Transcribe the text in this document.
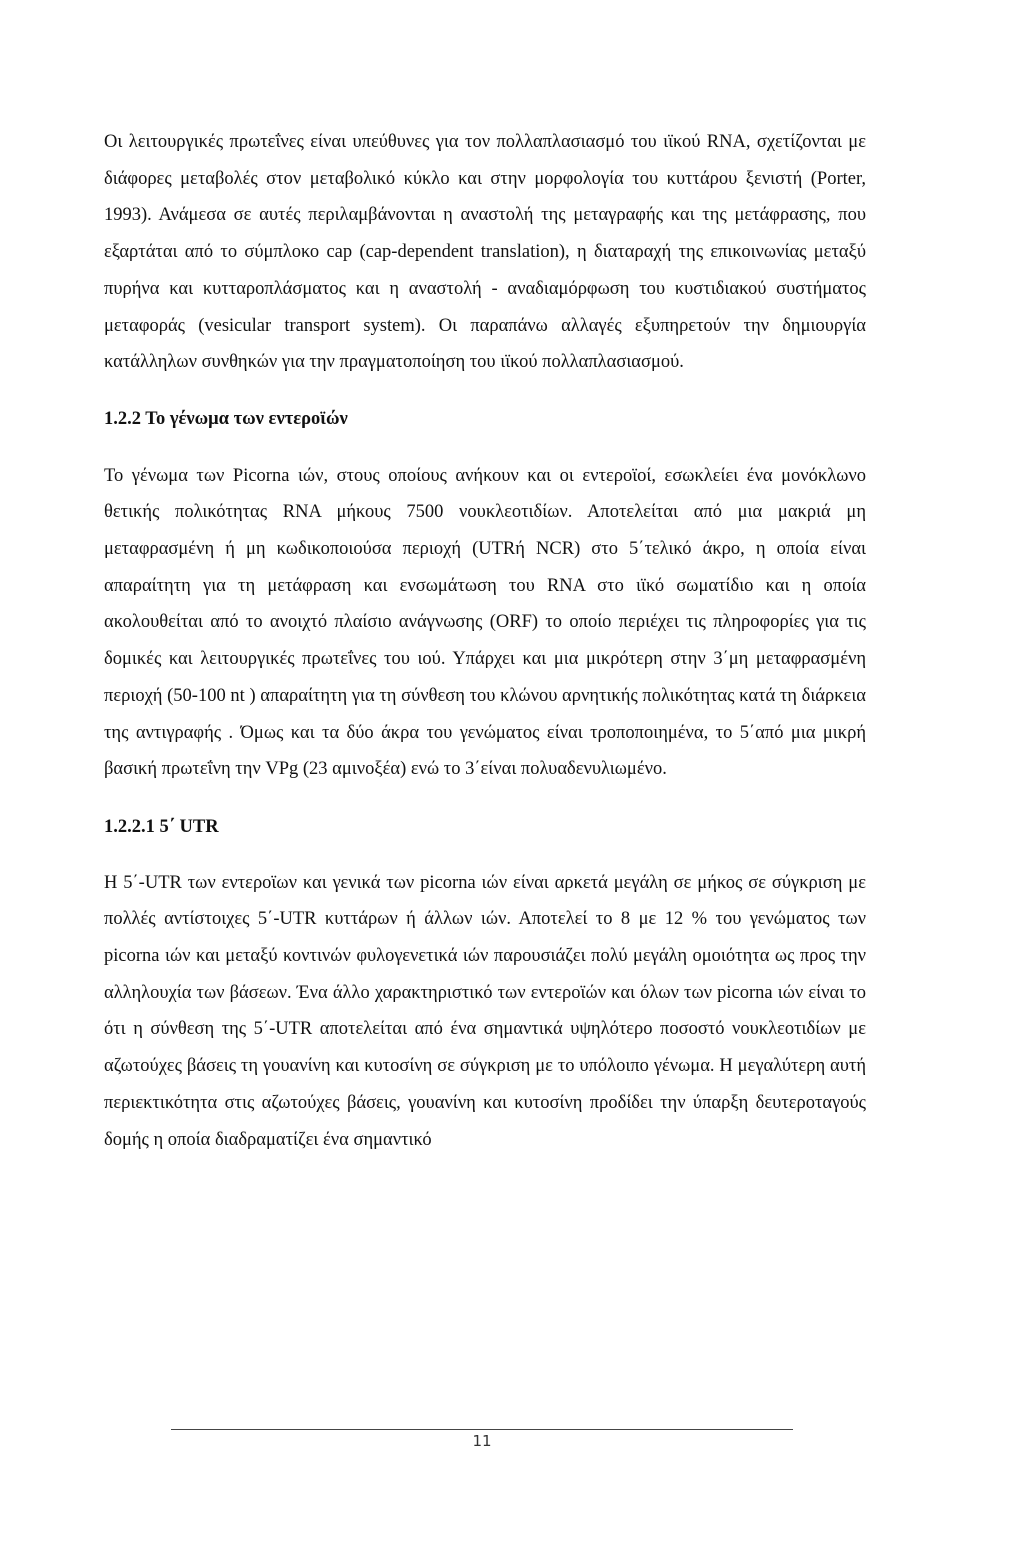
Οι λειτουργικές πρωτεΐνες είναι υπεύθυνες για τον πολλαπλασιασμό του ιϊκού RNA, σχετίζονται με διάφορες μεταβολές στον μεταβολικό κύκλο και στην μορφολογία του κυττάρου ξενιστή (Porter, 1993). Ανάμεσα σε αυτές περιλαμβάνονται η αναστολή της μεταγραφής και της μετάφρασης, που εξαρτάται από το σύμπλοκο cap (cap-dependent translation), η διαταραχή της επικοινωνίας μεταξύ πυρήνα και κυτταροπλάσματος και η αναστολή - αναδιαμόρφωση του κυστιδιακού συστήματος μεταφοράς (vesicular transport system). Οι παραπάνω αλλαγές εξυπηρετούν την δημιουργία κατάλληλων συνθηκών για την πραγματοποίηση του ιϊκού πολλαπλασιασμού.

1.2.2 Το γένωμα των εντεροϊών

Το γένωμα των Picorna ιών, στους οποίους ανήκουν και οι εντεροϊοί, εσωκλείει ένα μονόκλωνο θετικής πολικότητας RNA μήκους 7500 νουκλεοτιδίων. Αποτελείται από μια μακριά μη μεταφρασμένη ή μη κωδικοποιούσα περιοχή (UTRή NCR) στο 5΄τελικό άκρο, η οποία είναι απαραίτητη για τη μετάφραση και ενσωμάτωση του RNA στο ιϊκό σωματίδιο και η οποία ακολουθείται από το ανοιχτό πλαίσιο ανάγνωσης (ORF) το οποίο περιέχει τις πληροφορίες για τις δομικές και λειτουργικές πρωτεΐνες του ιού. Υπάρχει και μια μικρότερη στην 3΄μη μεταφρασμένη περιοχή (50-100 nt ) απαραίτητη για τη σύνθεση του κλώνου αρνητικής πολικότητας κατά τη διάρκεια της αντιγραφής . Όμως και τα δύο άκρα του γενώματος είναι τροποποιημένα, το 5΄από μια μικρή βασική πρωτεΐνη την VPg (23 αμινοξέα) ενώ το 3΄είναι πολυαδενυλιωμένο.

1.2.2.1 5΄ UTR

Η 5΄-UTR των εντεροϊων και γενικά των picorna ιών είναι αρκετά μεγάλη σε μήκος σε σύγκριση με πολλές αντίστοιχες 5΄-UTR κυττάρων ή άλλων ιών. Αποτελεί το 8 με 12 % του γενώματος των picorna ιών και μεταξύ κοντινών φυλογενετικά ιών παρουσιάζει πολύ μεγάλη ομοιότητα ως προς την αλληλουχία των βάσεων. Ένα άλλο χαρακτηριστικό των εντεροϊών και όλων των picorna ιών είναι το ότι η σύνθεση της 5΄-UTR αποτελείται από ένα σημαντικά υψηλότερο ποσοστό νουκλεοτιδίων με αζωτούχες βάσεις τη γουανίνη και κυτοσίνη σε σύγκριση με το υπόλοιπο γένωμα. Η μεγαλύτερη αυτή περιεκτικότητα στις αζωτούχες βάσεις, γουανίνη και κυτοσίνη προδίδει την ύπαρξη δευτεροταγούς δομής η οποία διαδραματίζει ένα σημαντικό

11
